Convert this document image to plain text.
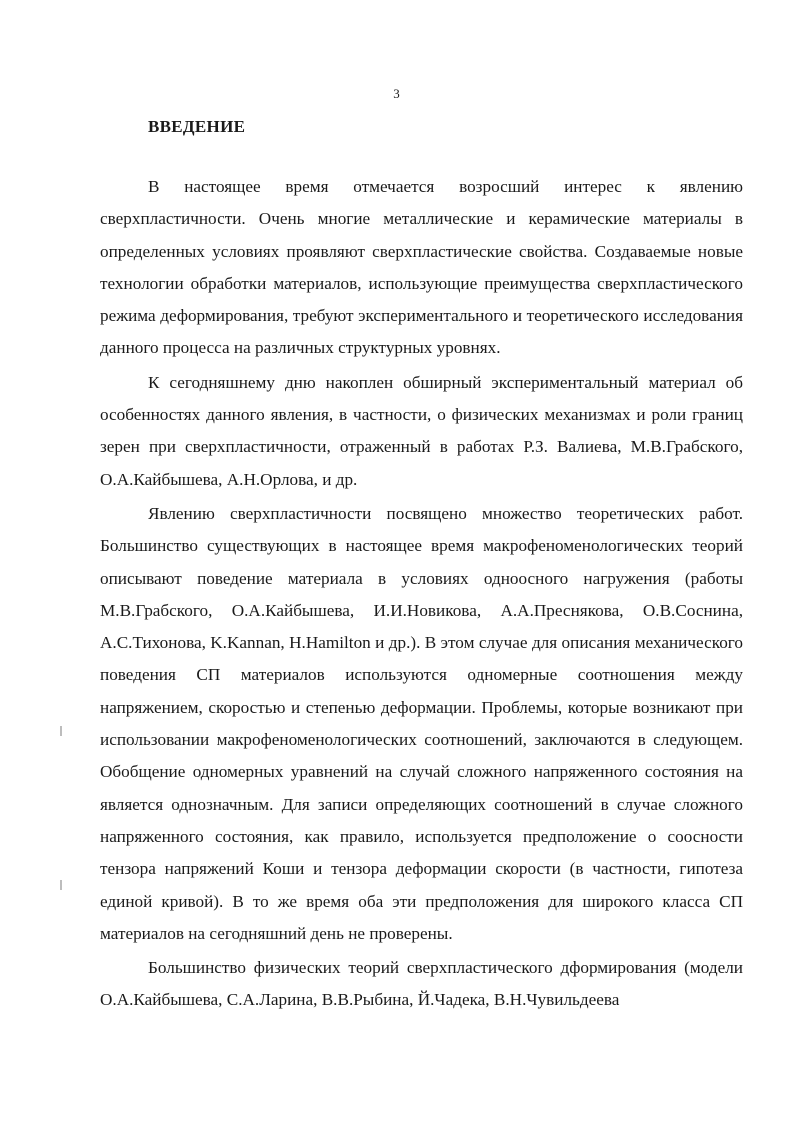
3
ВВЕДЕНИЕ

В настоящее время отмечается возросший интерес к явлению сверхпластичности. Очень многие металлические и керамические материалы в определенных условиях проявляют сверхпластические свойства. Создаваемые новые технологии обработки материалов, использующие преимущества сверхпластического режима деформирования, требуют экспериментального и теоретического исследования данного процесса на различных структурных уровнях.

К сегодняшнему дню накоплен обширный экспериментальный материал об особенностях данного явления, в частности, о физических механизмах и роли границ зерен при сверхпластичности, отраженный в работах Р.З. Валиева, М.В.Грабского, О.А.Кайбышева, А.Н.Орлова, и др.

Явлению сверхпластичности посвящено множество теоретических работ. Большинство существующих в настоящее время макрофеноменологических теорий описывают поведение материала в условиях одноосного нагружения (работы М.В.Грабского, О.А.Кайбышева, И.И.Новикова, А.А.Преснякова, О.В.Соснина, А.С.Тихонова, K.Kannan, H.Hamilton и др.). В этом случае для описания механического поведения СП материалов используются одномерные соотношения между напряжением, скоростью и степенью деформации. Проблемы, которые возникают при использовании макрофеноменологических соотношений, заключаются в следующем. Обобщение одномерных уравнений на случай сложного напряженного состояния на является однозначным. Для записи определяющих соотношений в случае сложного напряженного состояния, как правило, используется предположение о соосности тензора напряжений Коши и тензора деформации скорости (в частности, гипотеза единой кривой). В то же время оба эти предположения для широкого класса СП материалов на сегодняшний день не проверены.

Большинство физических теорий сверхпластического дформирования (модели О.А.Кайбышева, С.А.Ларина, В.В.Рыбина, Й.Чадека, В.Н.Чувильдеева
